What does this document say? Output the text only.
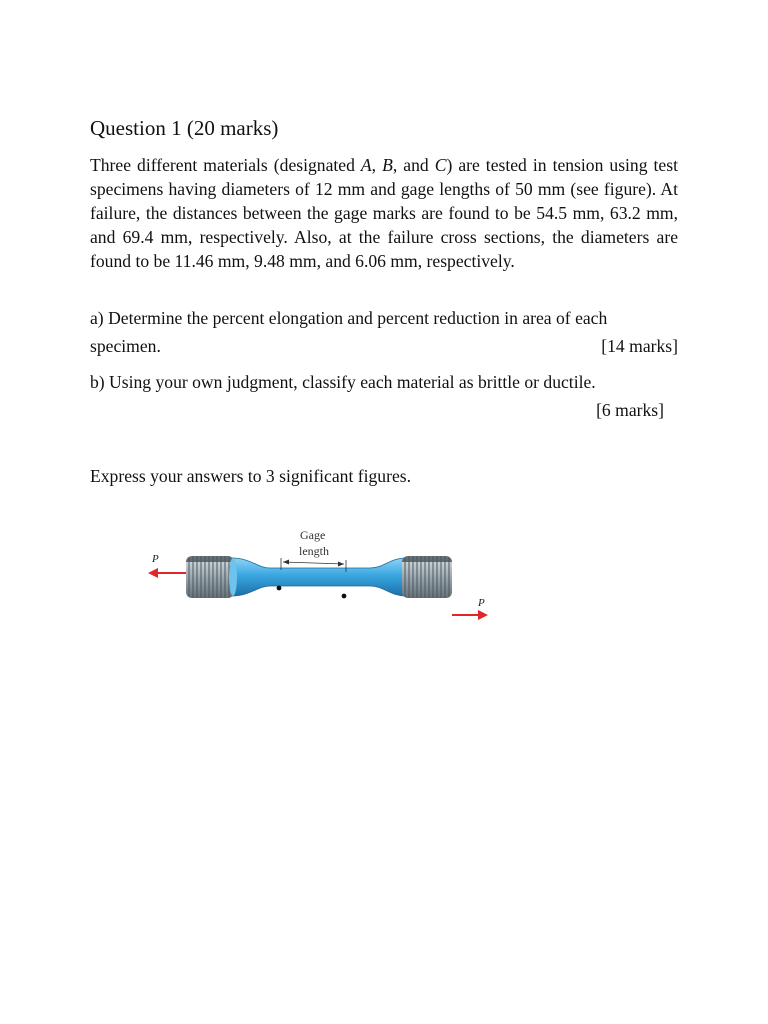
Question 1 (20 marks)
Three different materials (designated A, B, and C) are tested in tension using test specimens having diameters of 12 mm and gage lengths of 50 mm (see figure). At failure, the distances between the gage marks are found to be 54.5 mm, 63.2 mm, and 69.4 mm, respectively. Also, at the failure cross sections, the diameters are found to be 11.46 mm, 9.48 mm, and 6.06 mm, respectively.
a) Determine the percent elongation and percent reduction in area of each
specimen.	[14 marks]
b) Using your own judgment, classify each material as brittle or ductile.
[6 marks]
Express your answers to 3 significant figures.
P
Gage
length
P
